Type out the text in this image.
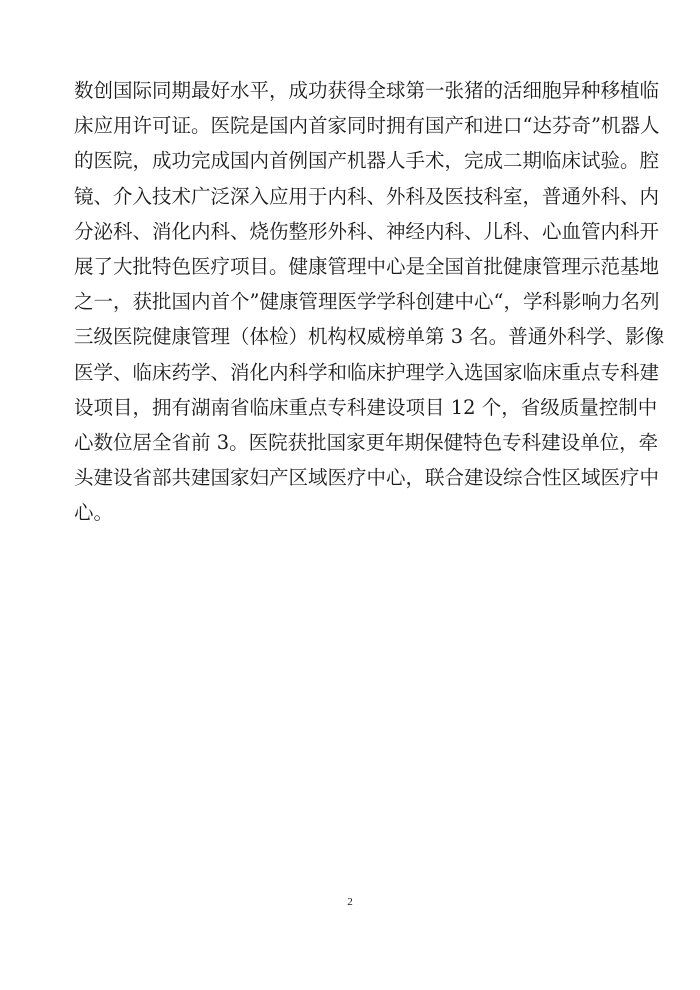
数创国际同期最好水平，成功获得全球第一张猪的活细胞异种移植临
床应用许可证。医院是国内首家同时拥有国产和进口“达芬奇”机器人
的医院，成功完成国内首例国产机器人手术，完成二期临床试验。腔
镜、介入技术广泛深入应用于内科、外科及医技科室，普通外科、内
分泌科、消化内科、烧伤整形外科、神经内科、儿科、心血管内科开
展了大批特色医疗项目。健康管理中心是全国首批健康管理示范基地
之一，获批国内首个”健康管理医学学科创建中心“，学科影响力名列
三级医院健康管理（体检）机构权威榜单第 3 名。普通外科学、影像
医学、临床药学、消化内科学和临床护理学入选国家临床重点专科建
设项目，拥有湖南省临床重点专科建设项目 12 个，省级质量控制中
心数位居全省前 3。医院获批国家更年期保健特色专科建设单位，牵
头建设省部共建国家妇产区域医疗中心，联合建设综合性区域医疗中
心。
2
